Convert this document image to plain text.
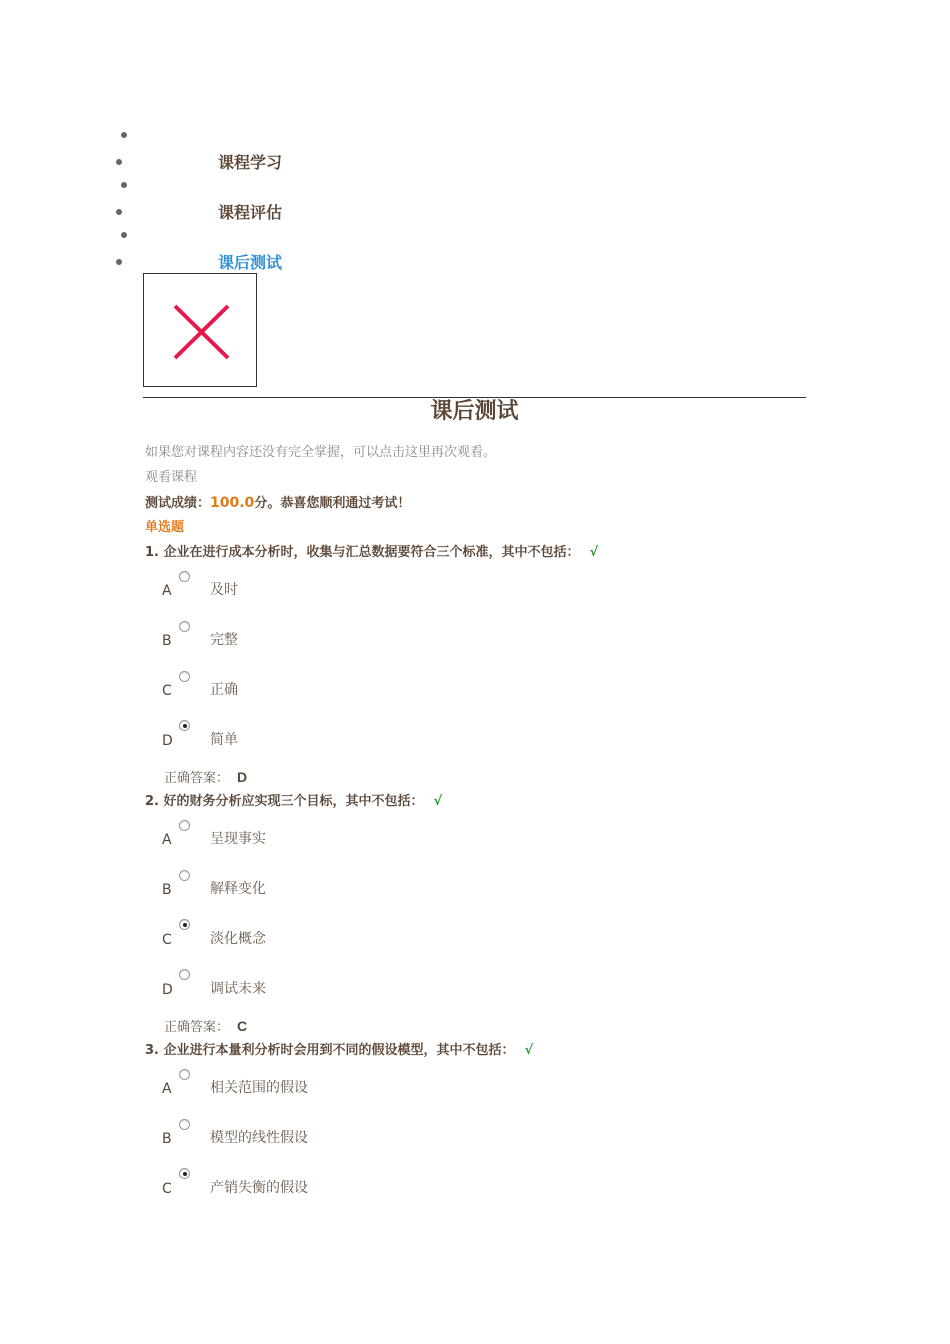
课程学习
课程评估
课后测试
课后测试
如果您对课程内容还没有完全掌握，可以点击这里再次观看。
观看课程
测试成绩：100.0分。恭喜您顺利通过考试！
单选题
1. 企业在进行成本分析时，收集与汇总数据要符合三个标准，其中不包括： √
A	及时
B	完整
C	正确
D	简单
正确答案： D
2. 好的财务分析应实现三个目标，其中不包括： √
A	呈现事实
B	解释变化
C	淡化概念
D	调试未来
正确答案： C
3. 企业进行本量利分析时会用到不同的假设模型，其中不包括： √
A	相关范围的假设
B	模型的线性假设
C	产销失衡的假设
